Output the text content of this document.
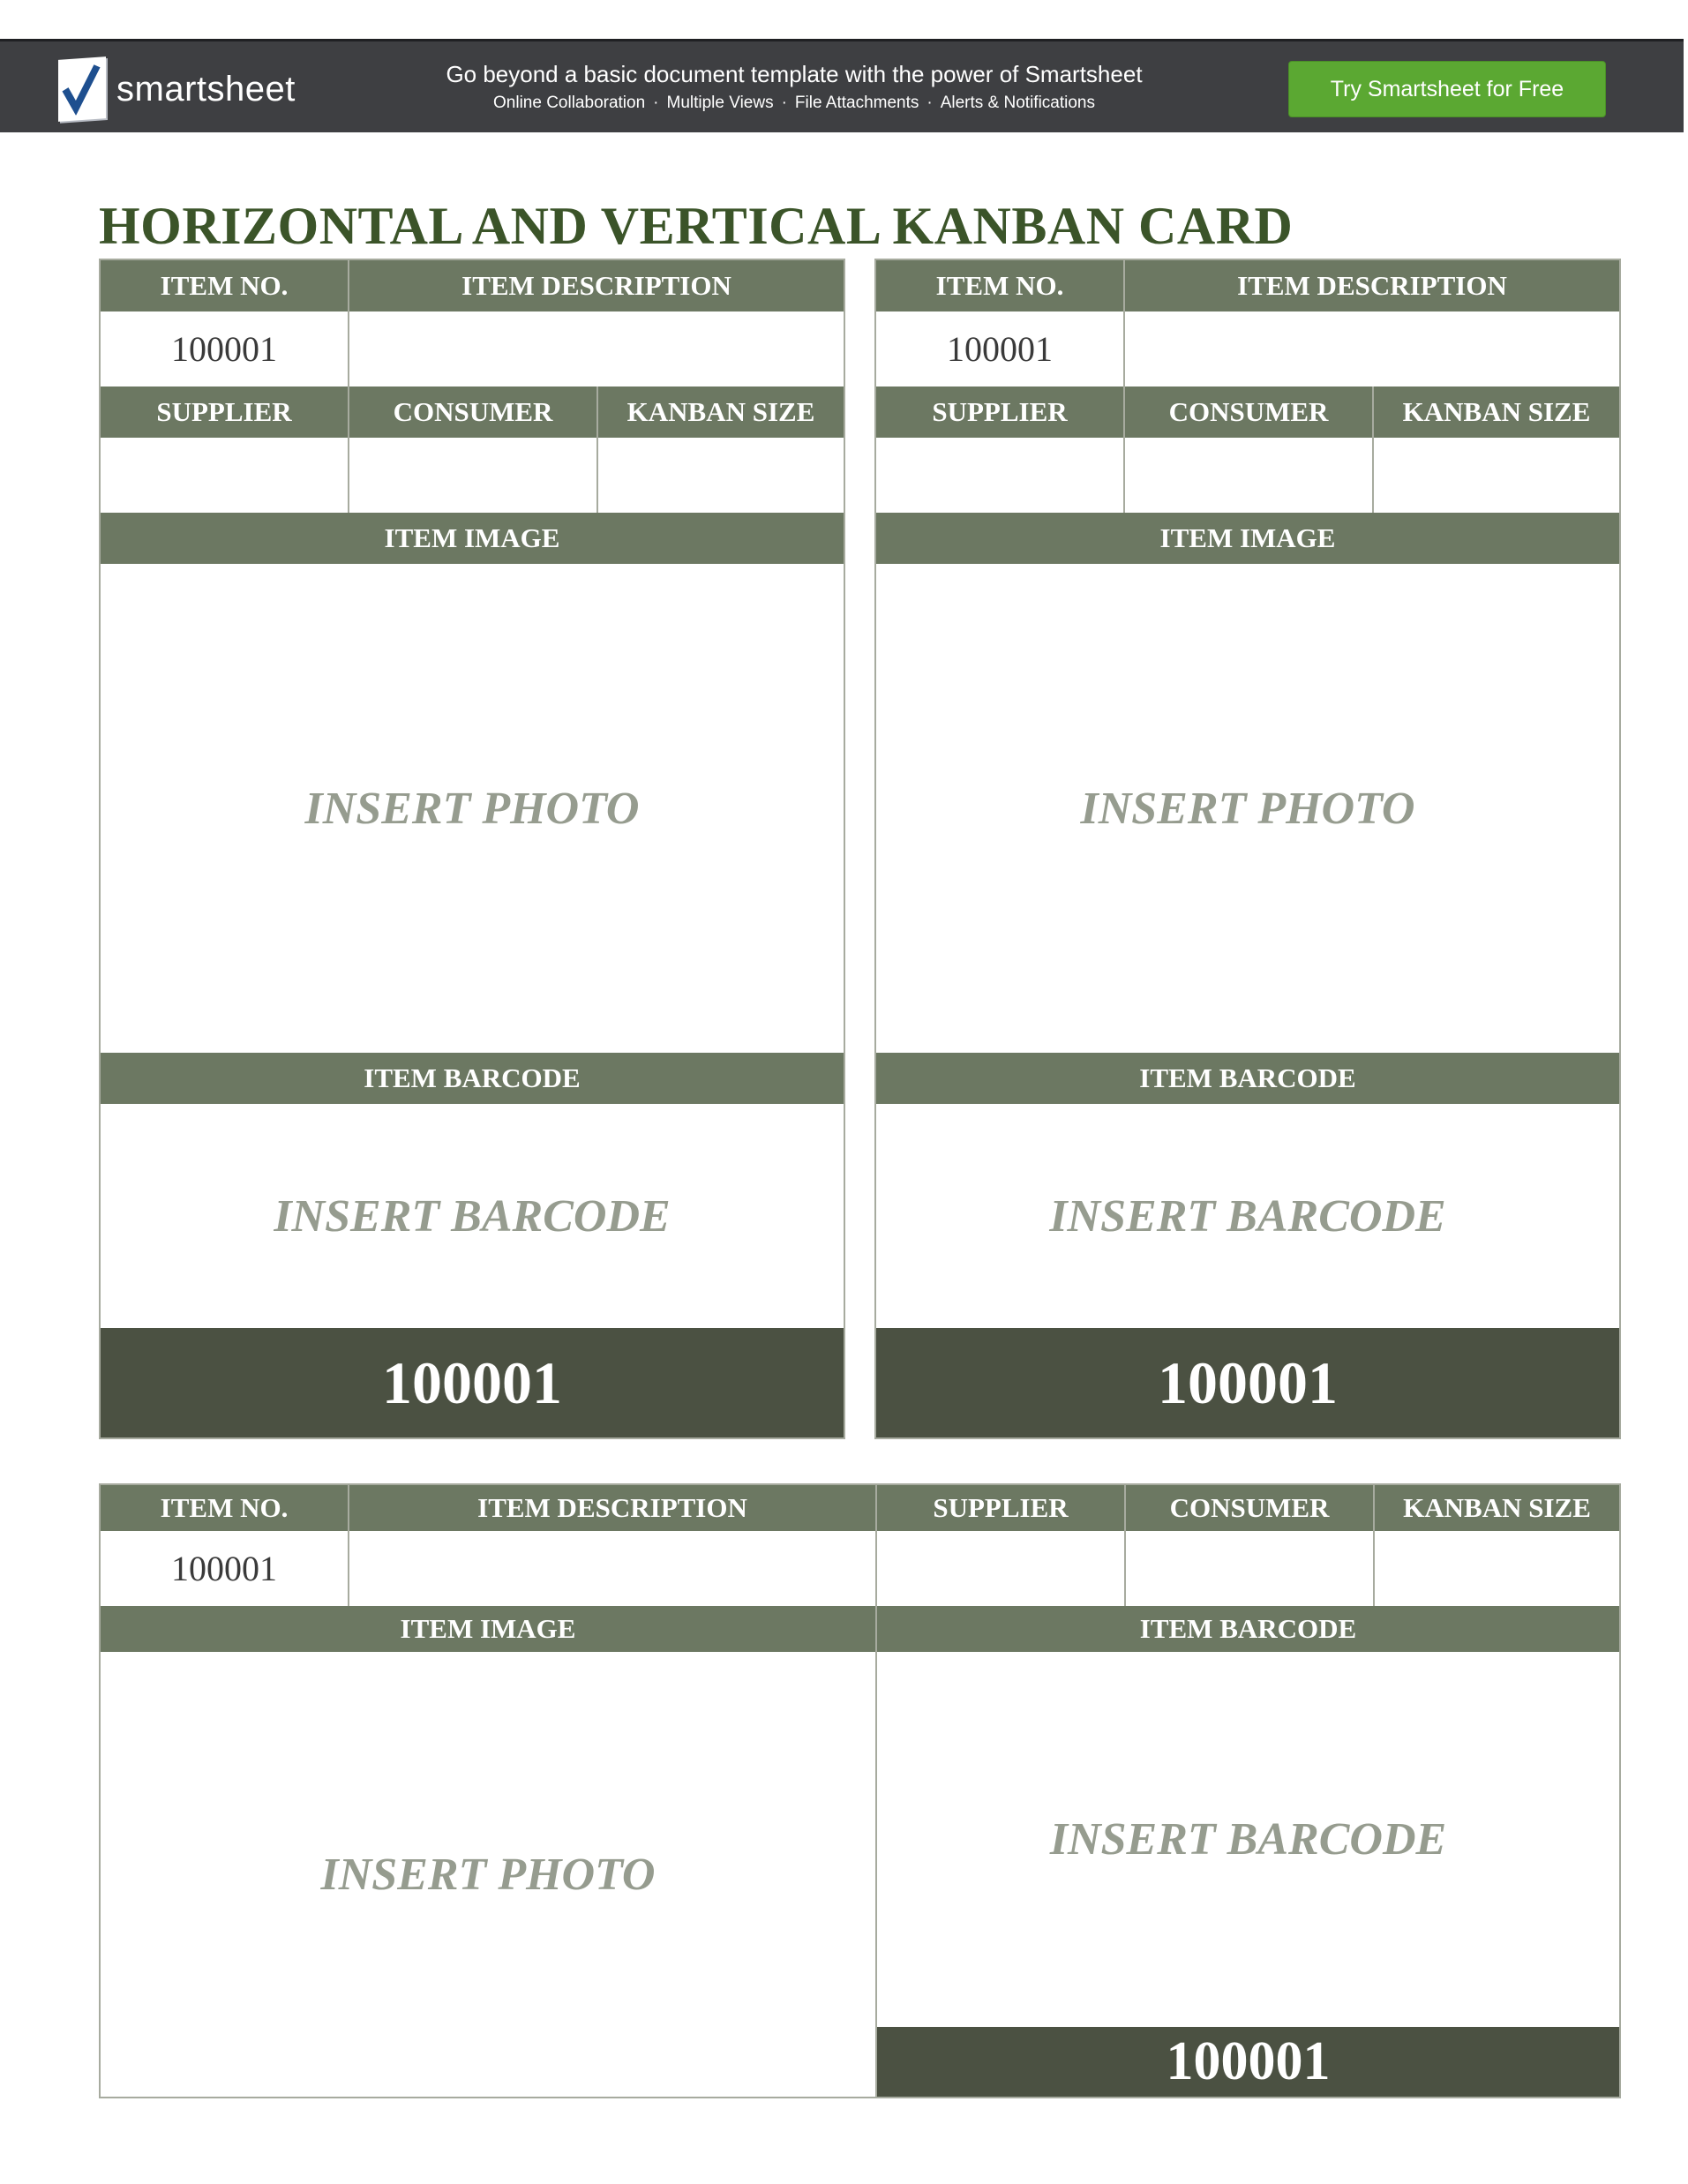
smartsheet	Go beyond a basic document template with the power of Smartsheet
Online Collaboration · Multiple Views · File Attachments · Alerts & Notifications
Try Smartsheet for Free
HORIZONTAL AND VERTICAL KANBAN CARD
ITEM NO.	ITEM DESCRIPTION
100001
SUPPLIER	CONSUMER	KANBAN SIZE
ITEM IMAGE
INSERT PHOTO
ITEM BARCODE
INSERT BARCODE
100001
ITEM NO.	ITEM DESCRIPTION
100001
SUPPLIER	CONSUMER	KANBAN SIZE
ITEM IMAGE
INSERT PHOTO
ITEM BARCODE
INSERT BARCODE
100001
ITEM NO.	ITEM DESCRIPTION	SUPPLIER	CONSUMER	KANBAN SIZE
100001
ITEM IMAGE	ITEM BARCODE
INSERT PHOTO
INSERT BARCODE
100001
